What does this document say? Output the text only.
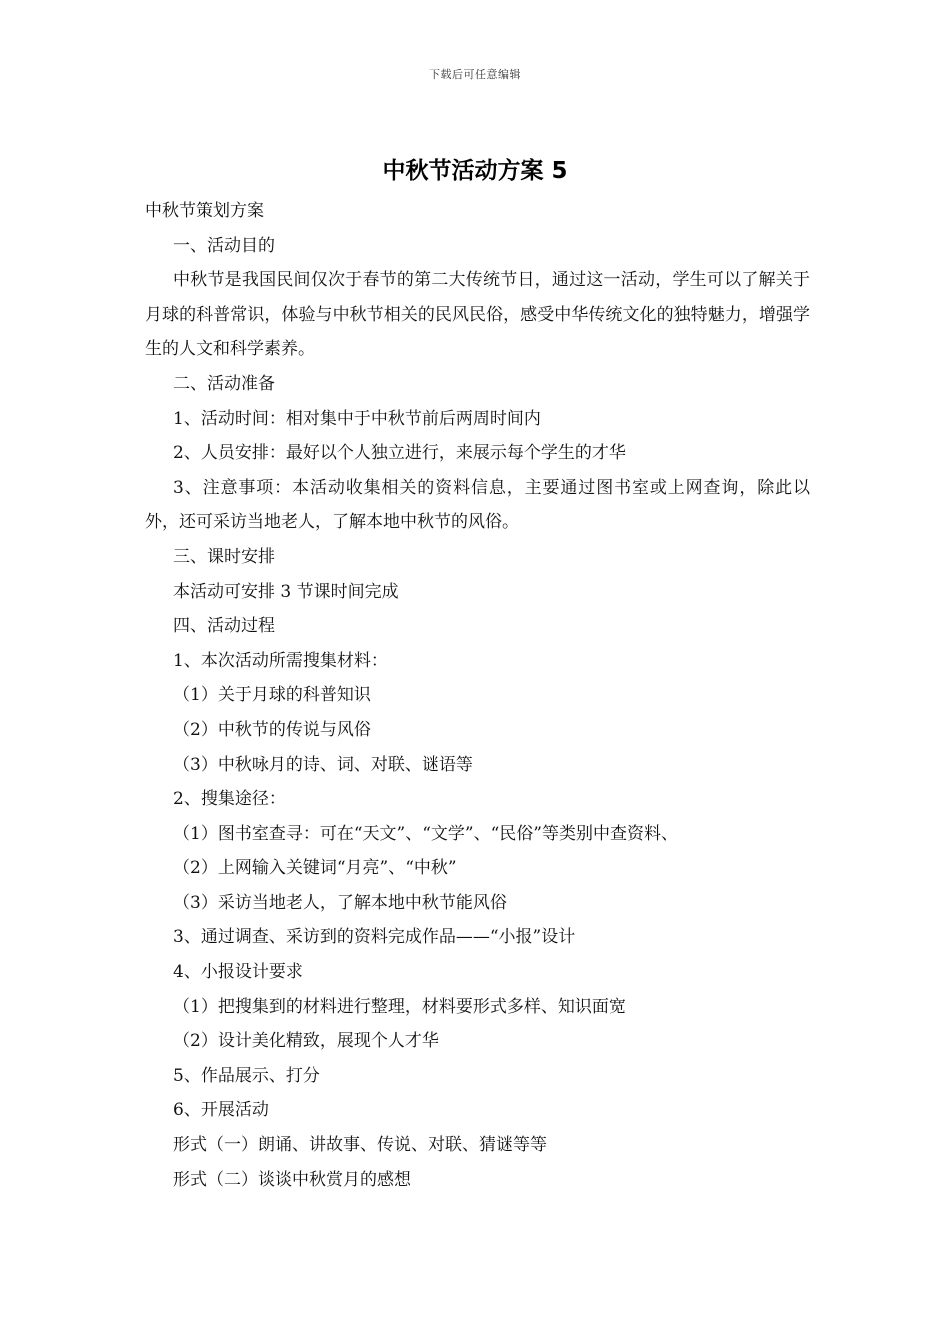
下载后可任意编辑
中秋节活动方案 5

中秋节策划方案

一、活动目的

中秋节是我国民间仅次于春节的第二大传统节日，通过这一活动，学生可以了解关于月球的科普常识，体验与中秋节相关的民风民俗，感受中华传统文化的独特魅力，增强学生的人文和科学素养。

二、活动准备

1、活动时间：相对集中于中秋节前后两周时间内

2、人员安排：最好以个人独立进行，来展示每个学生的才华

3、注意事项：本活动收集相关的资料信息，主要通过图书室或上网查询，除此以外，还可采访当地老人，了解本地中秋节的风俗。

三、课时安排

本活动可安排 3 节课时间完成

四、活动过程

1、本次活动所需搜集材料：

（1）关于月球的科普知识

（2）中秋节的传说与风俗

（3）中秋咏月的诗、词、对联、谜语等

2、搜集途径：

（1）图书室查寻：可在“天文”、“文学”、“民俗”等类别中查资料、

（2）上网输入关键词“月亮”、“中秋”

（3）采访当地老人，了解本地中秋节能风俗

3、通过调查、采访到的资料完成作品——“小报”设计

4、小报设计要求

（1）把搜集到的材料进行整理，材料要形式多样、知识面宽

（2）设计美化精致，展现个人才华

5、作品展示、打分

6、开展活动

形式（一）朗诵、讲故事、传说、对联、猜谜等等

形式（二）谈谈中秋赏月的感想
